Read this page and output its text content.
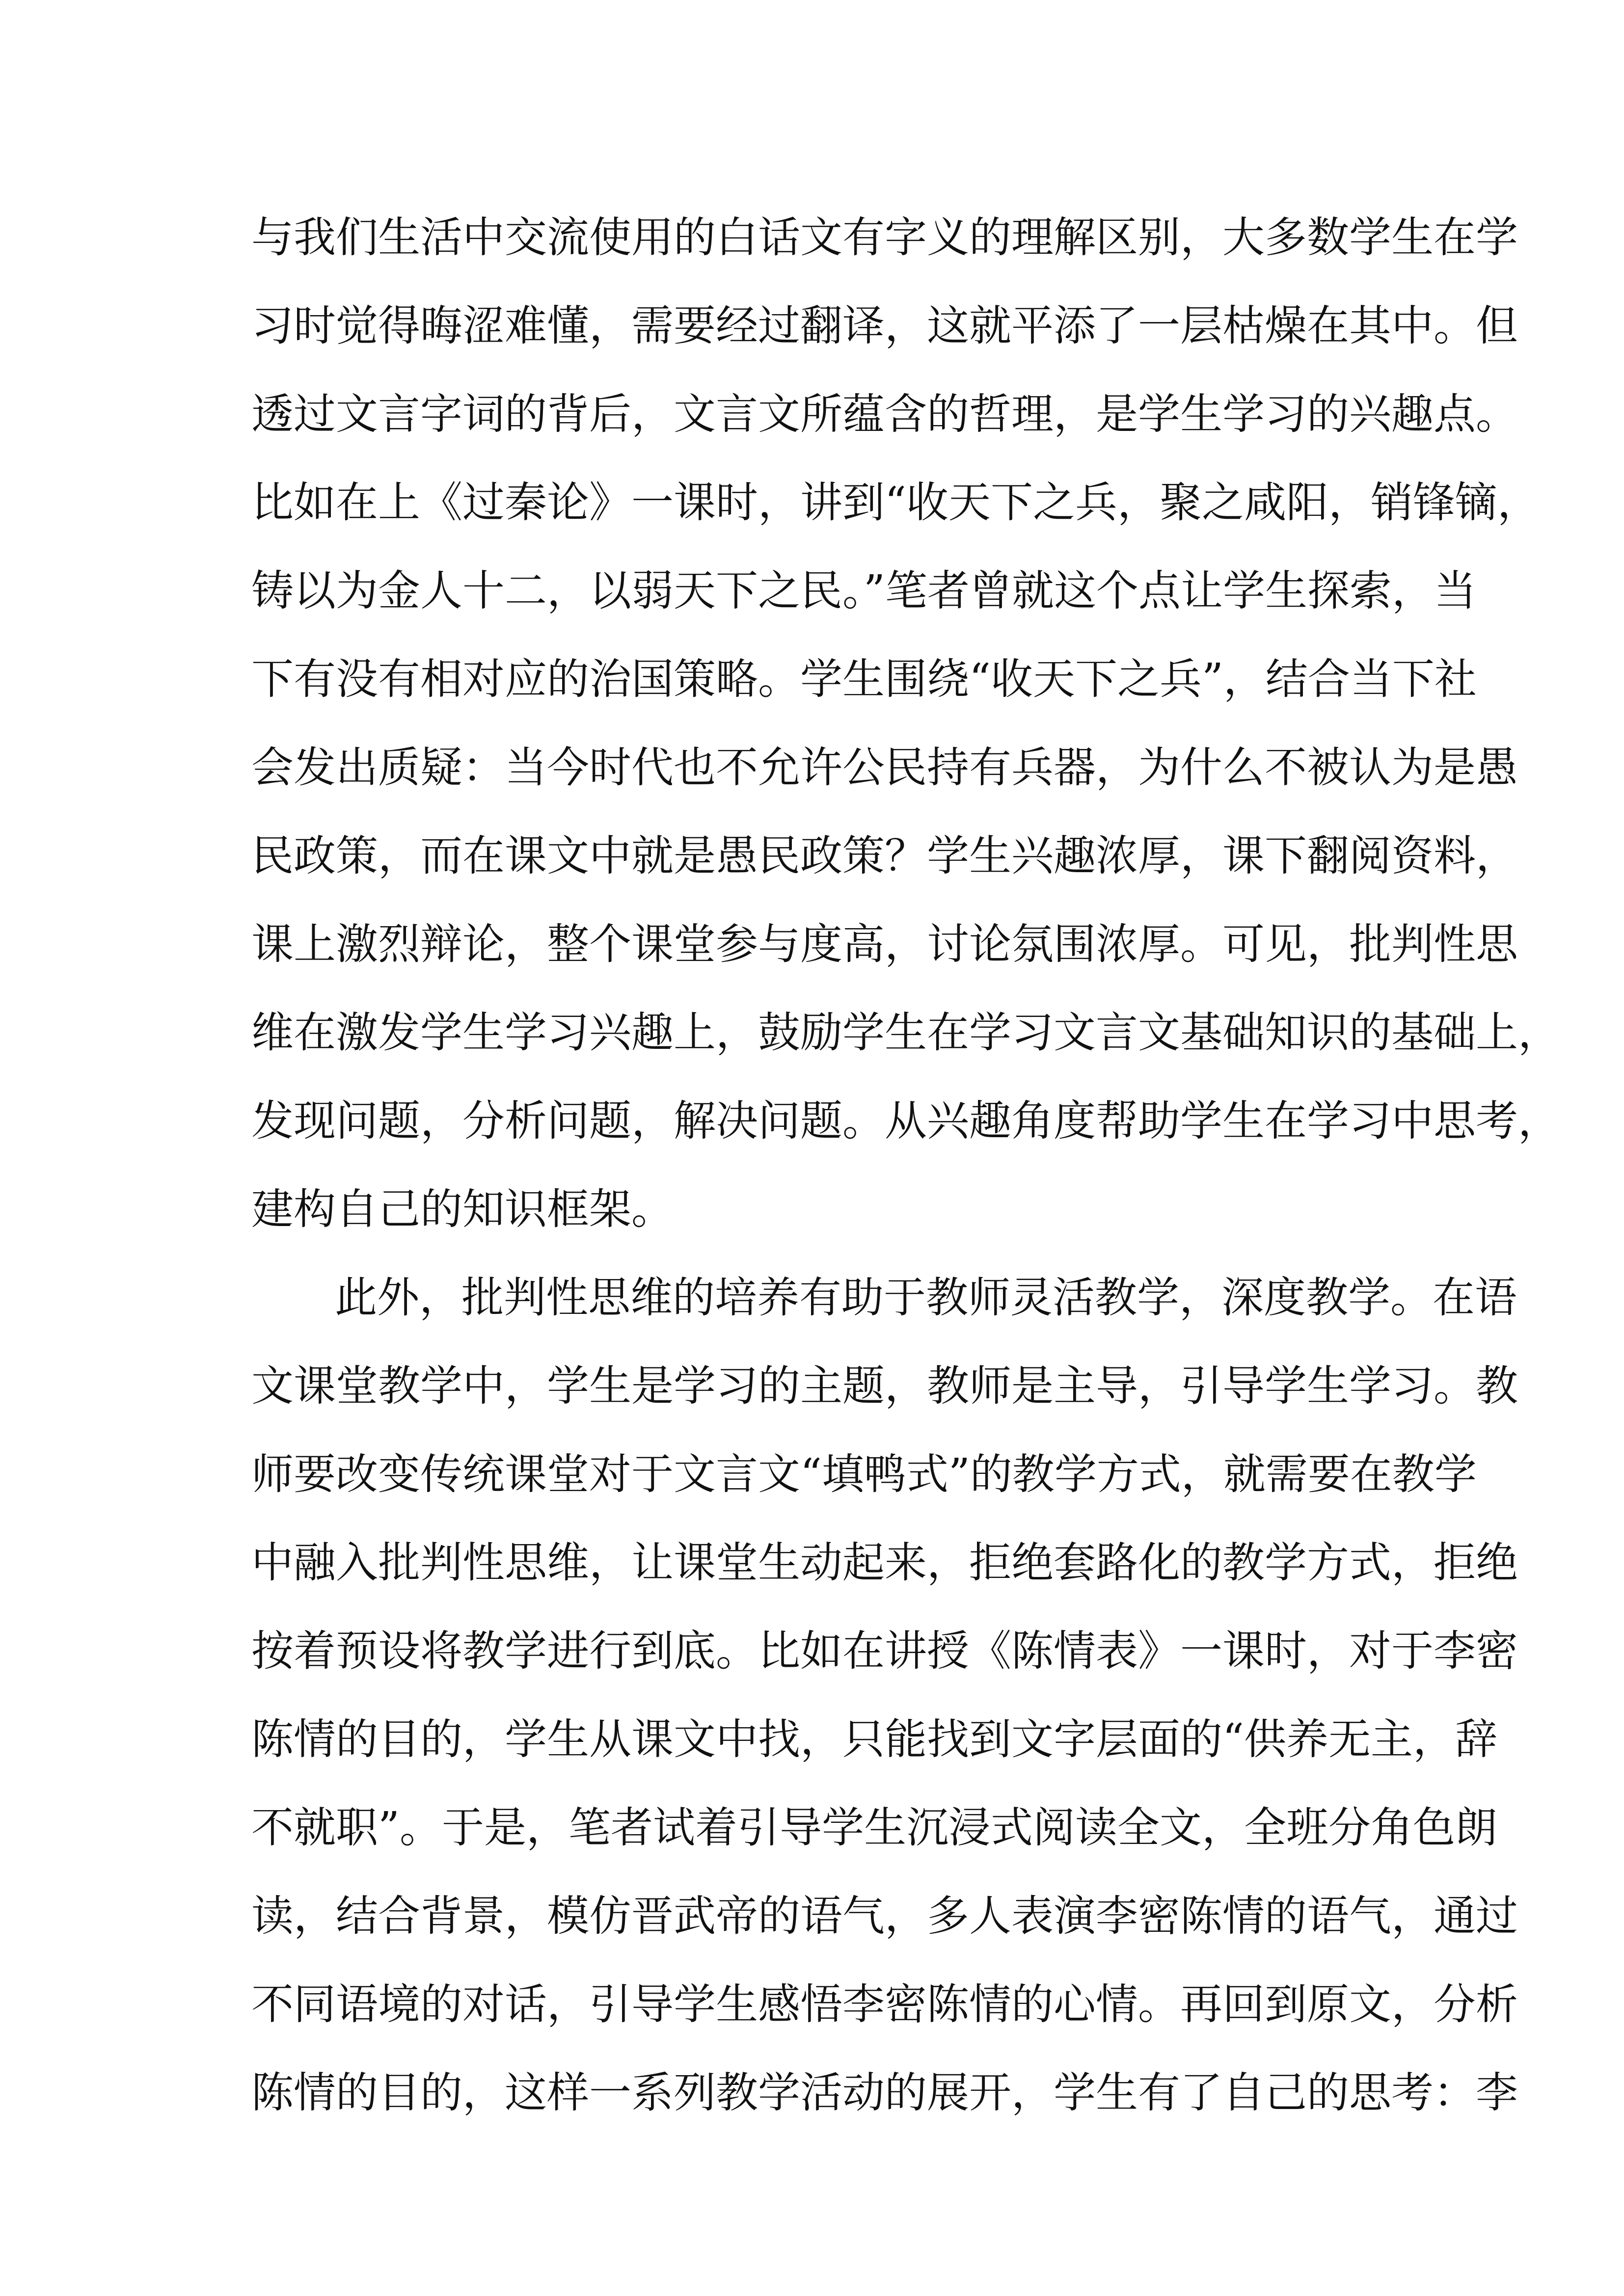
与我们生活中交流使用的白话文有字义的理解区别，大多数学生在学
习时觉得晦涩难懂，需要经过翻译，这就平添了一层枯燥在其中。但
透过文言字词的背后，文言文所蕴含的哲理，是学生学习的兴趣点。
比如在上《过秦论》一课时，讲到“收天下之兵，聚之咸阳，销锋镝，
铸以为金人十二，以弱天下之民。”笔者曾就这个点让学生探索，当
下有没有相对应的治国策略。学生围绕“收天下之兵”，结合当下社
会发出质疑：当今时代也不允许公民持有兵器，为什么不被认为是愚
民政策，而在课文中就是愚民政策？学生兴趣浓厚，课下翻阅资料，
课上激烈辩论，整个课堂参与度高，讨论氛围浓厚。可见，批判性思
维在激发学生学习兴趣上，鼓励学生在学习文言文基础知识的基础上，
发现问题，分析问题，解决问题。从兴趣角度帮助学生在学习中思考，
建构自己的知识框架。
此外，批判性思维的培养有助于教师灵活教学，深度教学。在语
文课堂教学中，学生是学习的主题，教师是主导，引导学生学习。教
师要改变传统课堂对于文言文“填鸭式”的教学方式，就需要在教学
中融入批判性思维，让课堂生动起来，拒绝套路化的教学方式，拒绝
按着预设将教学进行到底。比如在讲授《陈情表》一课时，对于李密
陈情的目的，学生从课文中找，只能找到文字层面的“供养无主，辞
不就职”。于是，笔者试着引导学生沉浸式阅读全文，全班分角色朗
读，结合背景，模仿晋武帝的语气，多人表演李密陈情的语气，通过
不同语境的对话，引导学生感悟李密陈情的心情。再回到原文，分析
陈情的目的，这样一系列教学活动的展开，学生有了自己的思考：李
